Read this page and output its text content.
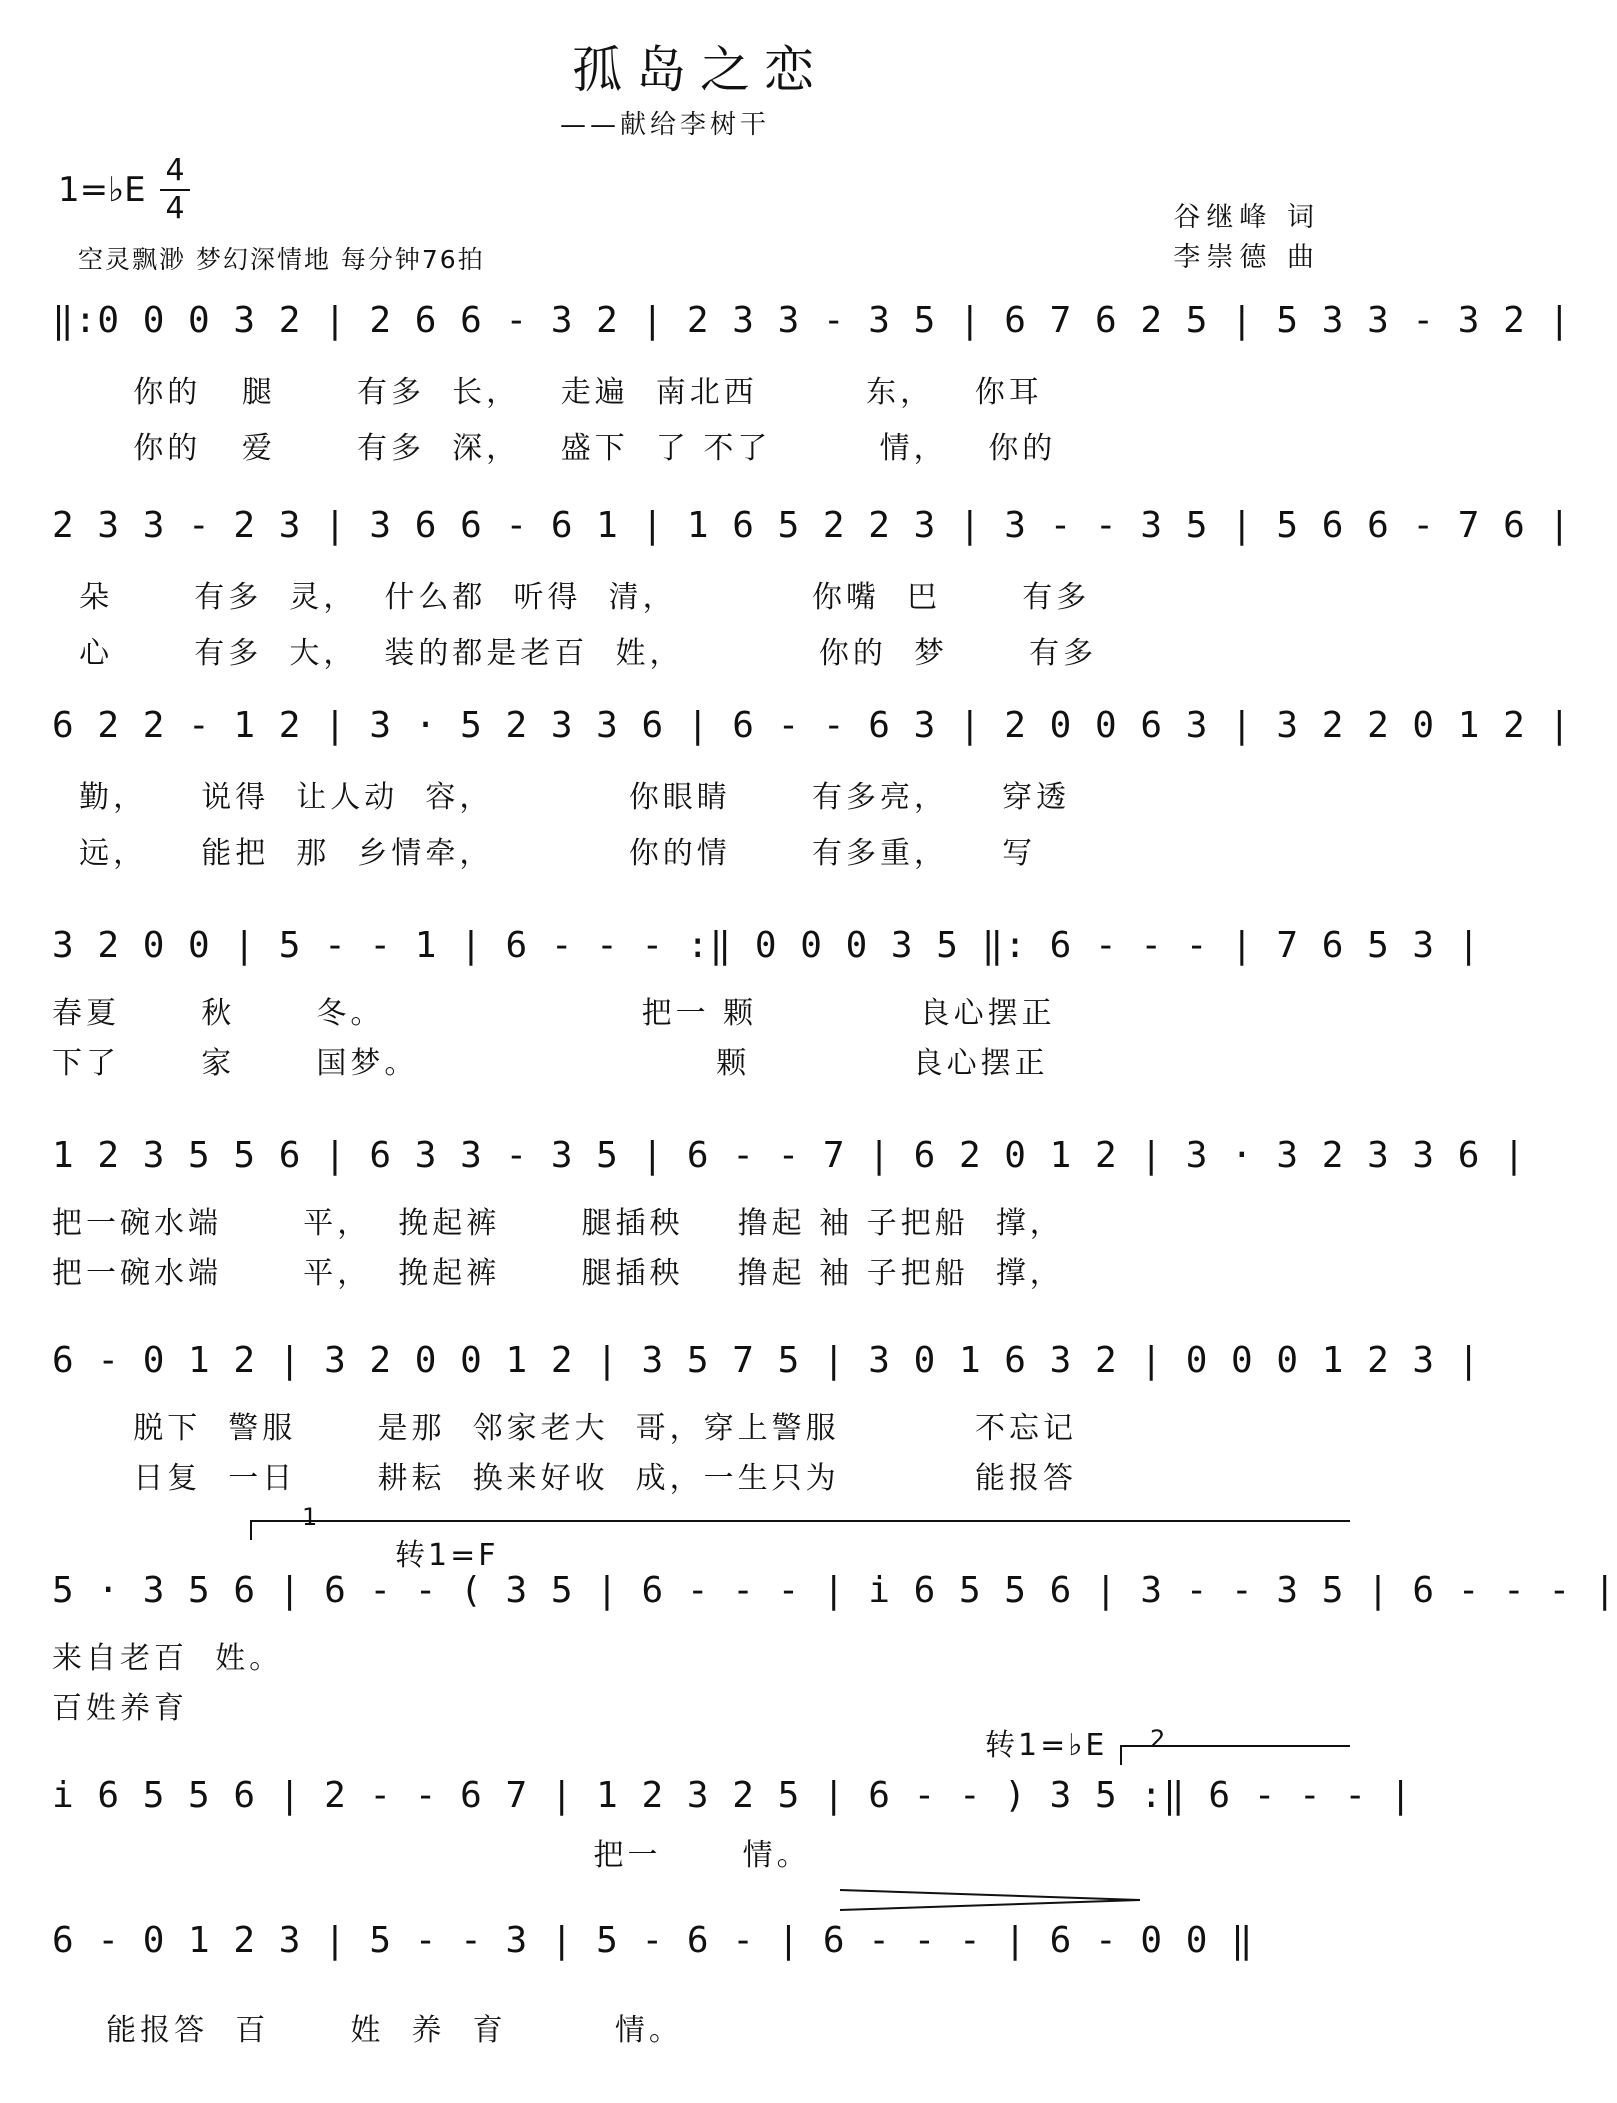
孤岛之恋
——献给李树干
1=♭E 4
4
空灵飘渺 梦幻深情地 每分钟76拍
谷继峰 词
李崇德 曲
‖:0 0 0 3 2 | 2 6 6 - 3 2 | 2 3 3 - 3 5 | 6 7 6 2 5 | 5 3 3 - 3 2 |
你的   腿      有多  长，   走遍  南北西        东，   你耳
你的   爱      有多  深，   盛下  了 不了        情，   你的
2 3 3 - 2 3 | 3 6 6 - 6 1 | 1 6 5 2 2 3 | 3 - - 3 5 | 5 6 6 - 7 6 |
朵      有多  灵，  什么都  听得  清，          你嘴  巴      有多
心      有多  大，  装的都是老百  姓，          你的  梦      有多
6 2 2 - 1 2 | 3 · 5 2 3 3 6 | 6 - - 6 3 | 2 0 0 6 3 | 3 2 2 0 1 2 |
勤，    说得  让人动  容，          你眼睛      有多亮，    穿透
远，    能把  那  乡情牵，          你的情      有多重，    写
3 2 0 0 | 5 - - 1 | 6 - - - :‖ 0 0 0 3 5 ‖: 6 - - - | 7 6 5 3 |
春夏      秋      冬。                   把一 颗            良心摆正
下了      家      国梦。                      颗            良心摆正
1 2 3 5 5 6 | 6 3 3 - 3 5 | 6 - - 7 | 6 2 0 1 2 | 3 · 3 2 3 3 6 |
把一碗水端      平，  挽起裤      腿插秧    撸起 袖 子把船  撑，
把一碗水端      平，  挽起裤      腿插秧    撸起 袖 子把船  撑，
6 - 0 1 2 | 3 2 0 0 1 2 | 3 5 7 5 | 3 0 1 6 3 2 | 0 0 0 1 2 3 |
脱下  警服      是那  邻家老大  哥，穿上警服          不忘记
日复  一日      耕耘  换来好收  成，一生只为          能报答
1
转1=F
5 · 3 5 6 | 6 - - ( 3 5 | 6 - - - | i 6 5 5 6 | 3 - - 3 5 | 6 - - - |
来自老百  姓。
百姓养育
转1=♭E 2
i 6 5 5 6 | 2 - - 6 7 | 1 2 3 2 5 | 6 - - ) 3 5 :‖ 6 - - - |
把一      情。
6 - 0 1 2 3 | 5 - - 3 | 5 - 6 - | 6 - - - | 6 - 0 0 ‖
能报答  百      姓  养  育        情。
